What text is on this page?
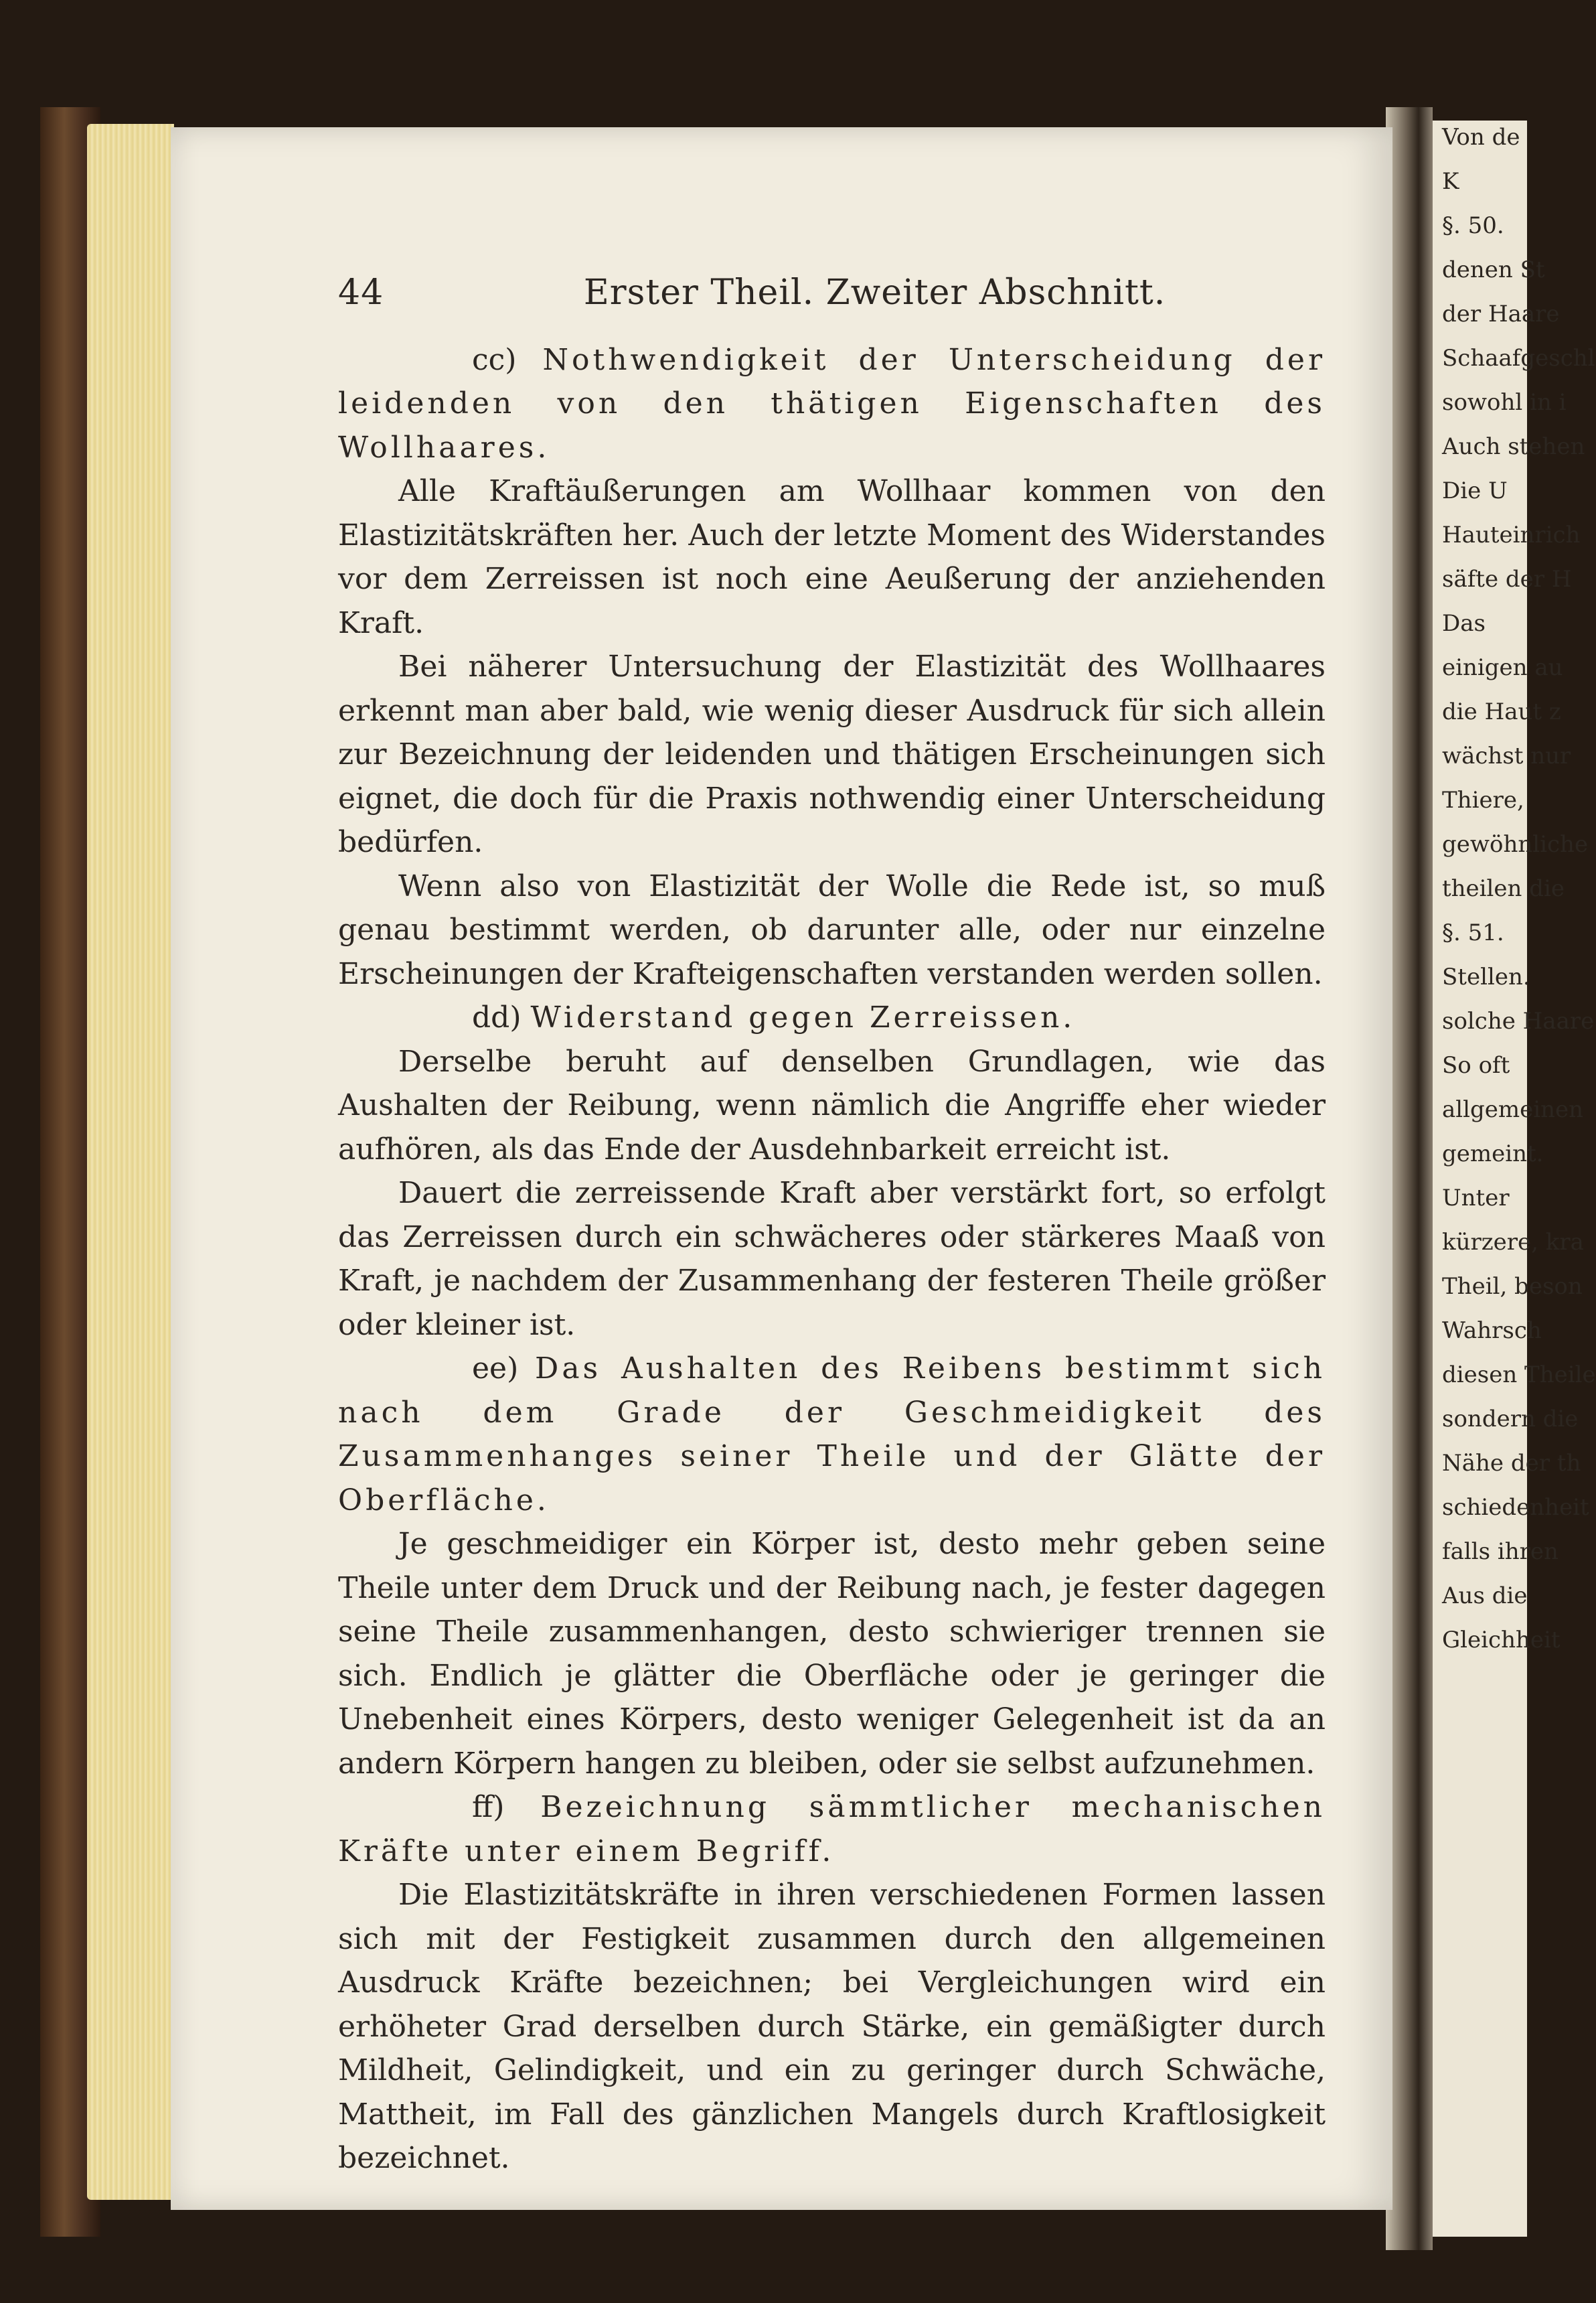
Von de
K
§. 50.
denen St
der Haare
Schaafgeschl
sowohl in i
Auch stehen
Die U
Hauteinrich
säfte der H
Das
einigen au
die Haut z
wächst nur
Thiere,
gewöhnliche
theilen die
§. 51.
Stellen.
solche Haare
So oft
allgemeinen
gemeint.
Unter
kürzere, kra
Theil, beson
Wahrsch
diesen Theile
sondern die
Nähe der th
schiedenheit
falls ihren
Aus die
Gleichheit
44	Erster Theil. Zweiter Abschnitt.

cc) Nothwendigkeit der Unterscheidung der leidenden von den thätigen Eigenschaften des Wollhaares.

Alle Kraftäußerungen am Wollhaar kommen von den Elastizitätskräften her. Auch der letzte Moment des Widerstandes vor dem Zerreissen ist noch eine Aeußerung der anziehenden Kraft.

Bei näherer Untersuchung der Elastizität des Wollhaares erkennt man aber bald, wie wenig dieser Ausdruck für sich allein zur Bezeichnung der leidenden und thätigen Erscheinungen sich eignet, die doch für die Praxis nothwendig einer Unterscheidung bedürfen.

Wenn also von Elastizität der Wolle die Rede ist, so muß genau bestimmt werden, ob darunter alle, oder nur einzelne Erscheinungen der Krafteigenschaften verstanden werden sollen.

dd) Widerstand gegen Zerreissen.

Derselbe beruht auf denselben Grundlagen, wie das Aushalten der Reibung, wenn nämlich die Angriffe eher wieder aufhören, als das Ende der Ausdehnbarkeit erreicht ist.

Dauert die zerreissende Kraft aber verstärkt fort, so erfolgt das Zerreissen durch ein schwächeres oder stärkeres Maaß von Kraft, je nachdem der Zusammenhang der festeren Theile größer oder kleiner ist.

ee) Das Aushalten des Reibens bestimmt sich nach dem Grade der Geschmeidigkeit des Zusammenhanges seiner Theile und der Glätte der Oberfläche.

Je geschmeidiger ein Körper ist, desto mehr geben seine Theile unter dem Druck und der Reibung nach, je fester dagegen seine Theile zusammenhangen, desto schwieriger trennen sie sich. Endlich je glätter die Oberfläche oder je geringer die Unebenheit eines Körpers, desto weniger Gelegenheit ist da an andern Körpern hangen zu bleiben, oder sie selbst aufzunehmen.

ff) Bezeichnung sämmtlicher mechanischen Kräfte unter einem Begriff.

Die Elastizitätskräfte in ihren verschiedenen Formen lassen sich mit der Festigkeit zusammen durch den allgemeinen Ausdruck Kräfte bezeichnen; bei Vergleichungen wird ein erhöheter Grad derselben durch Stärke, ein gemäßigter durch Mildheit, Gelindigkeit, und ein zu geringer durch Schwäche, Mattheit, im Fall des gänzlichen Mangels durch Kraftlosigkeit bezeichnet.
